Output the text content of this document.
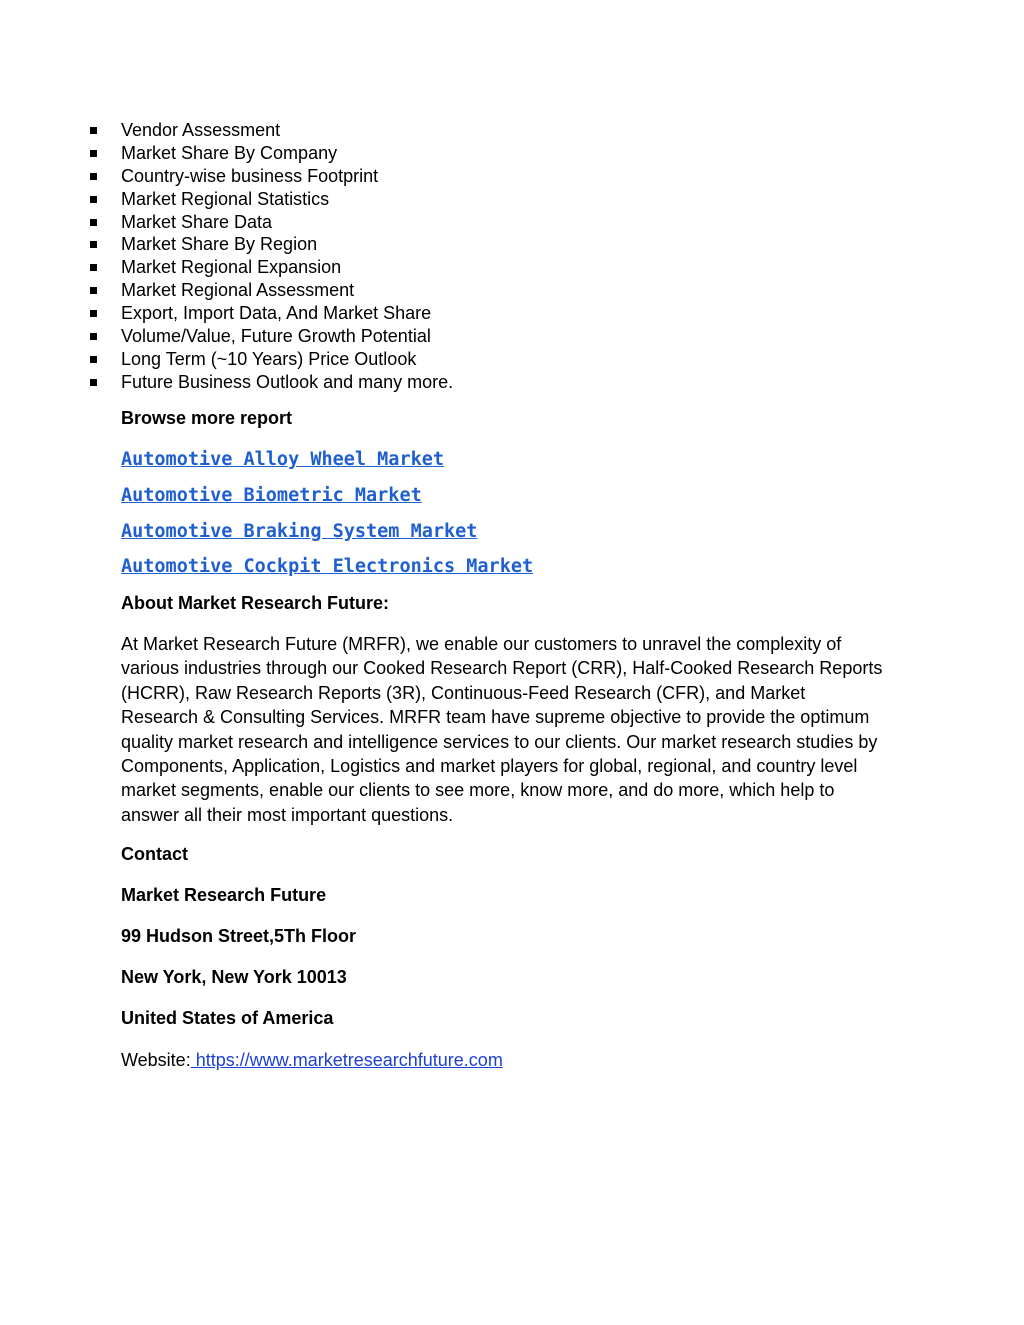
Vendor Assessment
Market Share By Company
Country-wise business Footprint
Market Regional Statistics
Market Share Data
Market Share By Region
Market Regional Expansion
Market Regional Assessment
Export, Import Data, And Market Share
Volume/Value, Future Growth Potential
Long Term (~10 Years) Price Outlook
Future Business Outlook and many more.
Browse more report
Automotive Alloy Wheel Market
Automotive Biometric Market
Automotive Braking System Market
Automotive Cockpit Electronics Market
About Market Research Future:

At Market Research Future (MRFR), we enable our customers to unravel the complexity of
various industries through our Cooked Research Report (CRR), Half-Cooked Research Reports
(HCRR), Raw Research Reports (3R), Continuous-Feed Research (CFR), and Market
Research & Consulting Services. MRFR team have supreme objective to provide the optimum
quality market research and intelligence services to our clients. Our market research studies by
Components, Application, Logistics and market players for global, regional, and country level
market segments, enable our clients to see more, know more, and do more, which help to
answer all their most important questions.

Contact
Market Research Future
99 Hudson Street,5Th Floor
New York, New York 10013
United States of America
Website: https://www.marketresearchfuture.com
